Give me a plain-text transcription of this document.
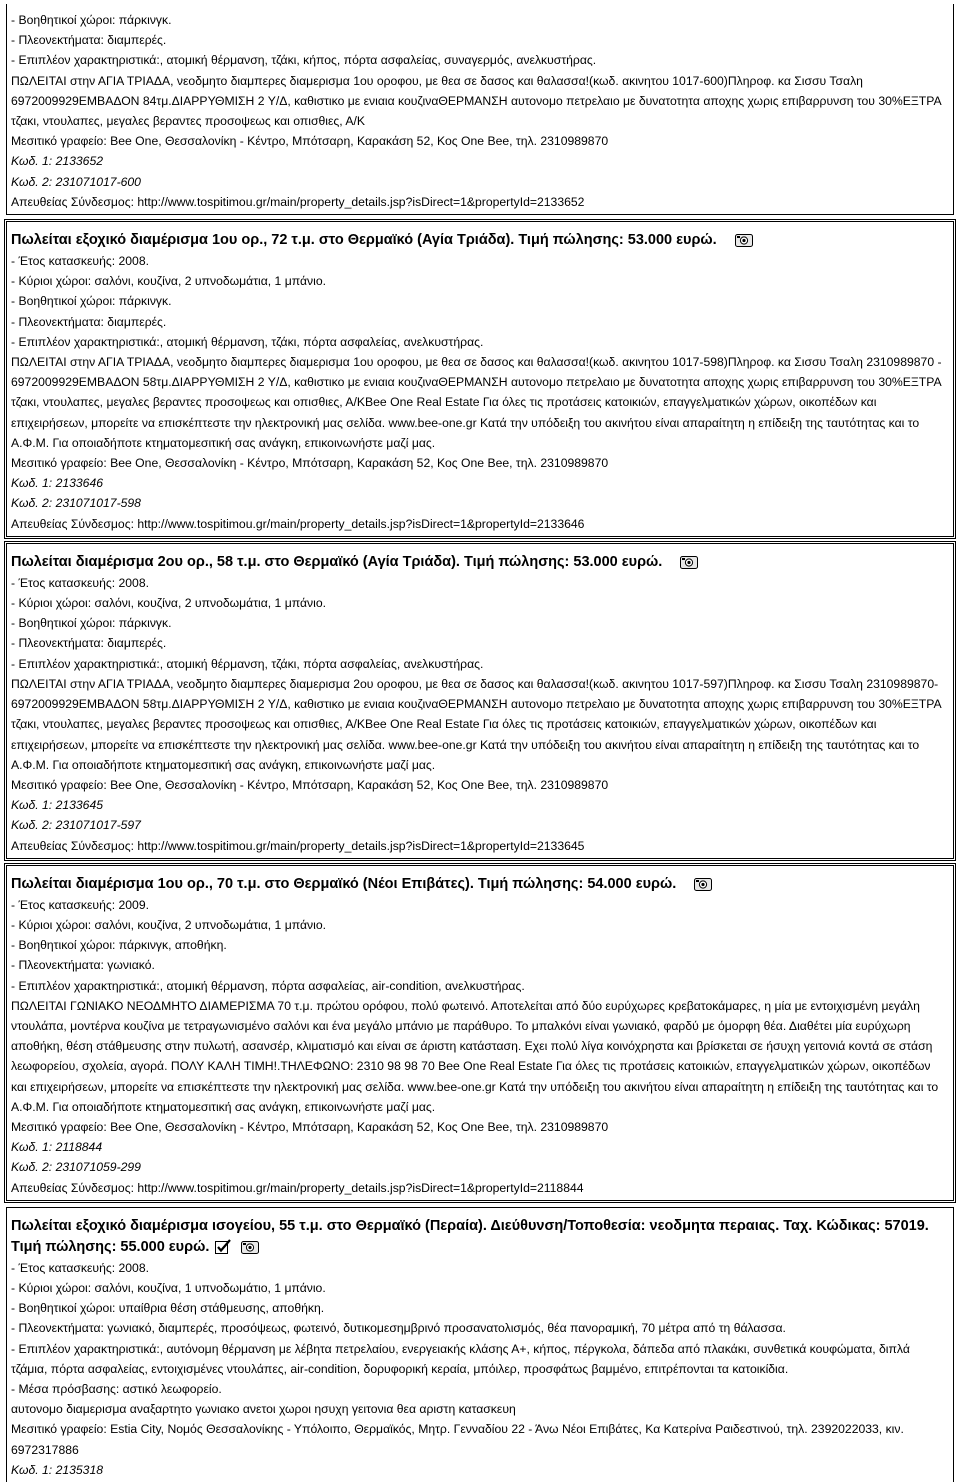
- Βοηθητικοί χώροι: πάρκινγκ.
- Πλεονεκτήματα: διαμπερές.
- Επιπλέον χαρακτηριστικά:, ατομική θέρμανση, τζάκι, κήπος, πόρτα ασφαλείας, συναγερμός, ανελκυστήρας.
ΠΩΛΕΙΤΑΙ στην ΑΓΙΑ ΤΡΙΑΔΑ, νεοδμητο διαμπερες διαμερισμα 1ου οροφου, με θεα σε δασος και θαλασσα!(κωδ. ακινητου 1017-600)Πληροφ. κα Σισσυ Τσαλη 6972009929ΕΜΒΑΔΟΝ 84τμ.ΔΙΑΡΡΥΘΜΙΣΗ 2 Υ/Δ, καθιστικο με ενιαια κουζιναΘΕΡΜΑΝΣΗ αυτονομο πετρελαιο με δυνατοτητα αποχης χωρις επιβαρρυνση του 30%ΕΞΤΡΑ τζακι, ντουλαπες, μεγαλες βεραντες προσοψεως και οπισθιες, Α/Κ
Μεσιτικό γραφείο: Bee One, Θεσσαλονίκη - Κέντρο, Μπότσαρη, Καρακάση 52, Κος One Bee, τηλ. 2310989870
Κωδ. 1: 2133652
Κωδ. 2: 231071017-600
Απευθείας Σύνδεσμος: http://www.tospitimou.gr/main/property_details.jsp?isDirect=1&propertyId=2133652
Πωλείται εξοχικό διαμέρισμα 1ου ορ., 72 τ.μ. στο Θερμαϊκό (Αγία Τριάδα). Τιμή πώλησης: 53.000 ευρώ.
- Έτος κατασκευής: 2008.
- Κύριοι χώροι: σαλόνι, κουζίνα, 2 υπνοδωμάτια, 1 μπάνιο.
- Βοηθητικοί χώροι: πάρκινγκ.
- Πλεονεκτήματα: διαμπερές.
- Επιπλέον χαρακτηριστικά:, ατομική θέρμανση, τζάκι, πόρτα ασφαλείας, ανελκυστήρας.
ΠΩΛΕΙΤΑΙ στην ΑΓΙΑ ΤΡΙΑΔΑ, νεοδμητο διαμπερες διαμερισμα 1ου οροφου, με θεα σε δασος και θαλασσα!(κωδ. ακινητου 1017-598)Πληροφ. κα Σισσυ Τσαλη 2310989870 - 6972009929ΕΜΒΑΔΟΝ 58τμ.ΔΙΑΡΡΥΘΜΙΣΗ 2 Υ/Δ, καθιστικο με ενιαια κουζιναΘΕΡΜΑΝΣΗ αυτονομο πετρελαιο με δυνατοτητα αποχης χωρις επιβαρρυνση του 30%ΕΞΤΡΑ τζακι, ντουλαπες, μεγαλες βεραντες προσοψεως και οπισθιες, Α/ΚBee One Real Estate Για όλες τις προτάσεις κατοικιών, επαγγελματικών χώρων, οικοπέδων και επιχειρήσεων, μπορείτε να επισκέπτεστε την ηλεκτρονική μας σελίδα. www.bee-one.gr Κατά την υπόδειξη του ακινήτου είναι απαραίτητη η επίδειξη της ταυτότητας και το Α.Φ.Μ. Για οποιαδήποτε κτηματομεσιτική σας ανάγκη, επικοινωνήστε μαζί μας.
Μεσιτικό γραφείο: Bee One, Θεσσαλονίκη - Κέντρο, Μπότσαρη, Καρακάση 52, Κος One Bee, τηλ. 2310989870
Κωδ. 1: 2133646
Κωδ. 2: 231071017-598
Απευθείας Σύνδεσμος: http://www.tospitimou.gr/main/property_details.jsp?isDirect=1&propertyId=2133646
Πωλείται διαμέρισμα 2ου ορ., 58 τ.μ. στο Θερμαϊκό (Αγία Τριάδα). Τιμή πώλησης: 53.000 ευρώ.
- Έτος κατασκευής: 2008.
- Κύριοι χώροι: σαλόνι, κουζίνα, 2 υπνοδωμάτια, 1 μπάνιο.
- Βοηθητικοί χώροι: πάρκινγκ.
- Πλεονεκτήματα: διαμπερές.
- Επιπλέον χαρακτηριστικά:, ατομική θέρμανση, τζάκι, πόρτα ασφαλείας, ανελκυστήρας.
ΠΩΛΕΙΤΑΙ στην ΑΓΙΑ ΤΡΙΑΔΑ, νεοδμητο διαμπερες διαμερισμα 2ου οροφου, με θεα σε δασος και θαλασσα!(κωδ. ακινητου 1017-597)Πληροφ. κα Σισσυ Τσαλη 2310989870-6972009929ΕΜΒΑΔΟΝ 58τμ.ΔΙΑΡΡΥΘΜΙΣΗ 2 Υ/Δ, καθιστικο με ενιαια κουζιναΘΕΡΜΑΝΣΗ αυτονομο πετρελαιο με δυνατοτητα αποχης χωρις επιβαρρυνση του 30%ΕΞΤΡΑ τζακι, ντουλαπες, μεγαλες βεραντες προσοψεως και οπισθιες, Α/ΚBee One Real Estate Για όλες τις προτάσεις κατοικιών, επαγγελματικών χώρων, οικοπέδων και επιχειρήσεων, μπορείτε να επισκέπτεστε την ηλεκτρονική μας σελίδα. www.bee-one.gr Κατά την υπόδειξη του ακινήτου είναι απαραίτητη η επίδειξη της ταυτότητας και το Α.Φ.Μ. Για οποιαδήποτε κτηματομεσιτική σας ανάγκη, επικοινωνήστε μαζί μας.
Μεσιτικό γραφείο: Bee One, Θεσσαλονίκη - Κέντρο, Μπότσαρη, Καρακάση 52, Κος One Bee, τηλ. 2310989870
Κωδ. 1: 2133645
Κωδ. 2: 231071017-597
Απευθείας Σύνδεσμος: http://www.tospitimou.gr/main/property_details.jsp?isDirect=1&propertyId=2133645
Πωλείται διαμέρισμα 1ου ορ., 70 τ.μ. στο Θερμαϊκό (Νέοι Επιβάτες). Τιμή πώλησης: 54.000 ευρώ.
- Έτος κατασκευής: 2009.
- Κύριοι χώροι: σαλόνι, κουζίνα, 2 υπνοδωμάτια, 1 μπάνιο.
- Βοηθητικοί χώροι: πάρκινγκ, αποθήκη.
- Πλεονεκτήματα: γωνιακό.
- Επιπλέον χαρακτηριστικά:, ατομική θέρμανση, πόρτα ασφαλείας, air-condition, ανελκυστήρας.
ΠΩΛΕΙΤΑΙ ΓΩΝΙΑΚΟ ΝΕΟΔΜΗΤΟ ΔΙΑΜΕΡΙΣΜΑ 70 τ.μ. πρώτου ορόφου, πολύ φωτεινό. Αποτελείται από δύο ευρύχωρες κρεβατοκάμαρες, η μία με εντοιχισμένη μεγάλη ντουλάπα, μοντέρνα κουζίνα με τετραγωνισμένο σαλόνι και ένα μεγάλο μπάνιο με παράθυρο. Το μπαλκόνι είναι γωνιακό, φαρδύ με όμορφη θέα. Διαθέτει μία ευρύχωρη αποθήκη, θέση στάθμευσης στην πυλωτή, ασανσέρ, κλιματισμό και είναι σε άριστη κατάσταση. Εχει πολύ λίγα κοινόχρηστα και βρίσκεται σε ήσυχη γειτονιά κοντά σε στάση λεωφορείου, σχολεία, αγορά. ΠΟΛΥ ΚΑΛΗ ΤΙΜΗ!.ΤΗΛΕΦΩΝΟ: 2310 98 98 70 Bee One Real Estate Για όλες τις προτάσεις κατοικιών, επαγγελματικών χώρων, οικοπέδων και επιχειρήσεων, μπορείτε να επισκέπτεστε την ηλεκτρονική μας σελίδα. www.bee-one.gr Κατά την υπόδειξη του ακινήτου είναι απαραίτητη η επίδειξη της ταυτότητας και το Α.Φ.Μ. Για οποιαδήποτε κτηματομεσιτική σας ανάγκη, επικοινωνήστε μαζί μας.
Μεσιτικό γραφείο: Bee One, Θεσσαλονίκη - Κέντρο, Μπότσαρη, Καρακάση 52, Κος One Bee, τηλ. 2310989870
Κωδ. 1: 2118844
Κωδ. 2: 231071059-299
Απευθείας Σύνδεσμος: http://www.tospitimou.gr/main/property_details.jsp?isDirect=1&propertyId=2118844
Πωλείται εξοχικό διαμέρισμα ισογείου, 55 τ.μ. στο Θερμαϊκό (Περαία). Διεύθυνση/Τοποθεσία: νεοδμητα περαιας. Ταχ. Κώδικας: 57019. Τιμή πώλησης: 55.000 ευρώ.
- Έτος κατασκευής: 2008.
- Κύριοι χώροι: σαλόνι, κουζίνα, 1 υπνοδωμάτιο, 1 μπάνιο.
- Βοηθητικοί χώροι: υπαίθρια θέση στάθμευσης, αποθήκη.
- Πλεονεκτήματα: γωνιακό, διαμπερές, προσόψεως, φωτεινό, δυτικομεσημβρινό προσανατολισμός, θέα πανοραμική, 70 μέτρα από τη θάλασσα.
- Επιπλέον χαρακτηριστικά:, αυτόνομη θέρμανση με λέβητα πετρελαίου, ενεργειακής κλάσης Α+, κήπος, πέργκολα, δάπεδα από πλακάκι, συνθετικά κουφώματα, διπλά τζάμια, πόρτα ασφαλείας, εντοιχισμένες ντουλάπες, air-condition, δορυφορική κεραία, μπόιλερ, προσφάτως βαμμένο, επιτρέπονται τα κατοικίδια.
- Μέσα πρόσβασης: αστικό λεωφορείο.
αυτονομο διαμερισμα αναξαρτητο γωνιακο ανετοι χωροι ησυχη γειτονια θεα αριστη κατασκευη
Μεσιτικό γραφείο: Estia City, Νομός Θεσσαλονίκης - Υπόλοιπο, Θερμαϊκός, Μητρ. Γενναδίου 22 - Άνω Νέοι Επιβάτες, Κα Κατερίνα Ραιδεστινού, τηλ. 2392022033, κιν. 6972317886
Κωδ. 1: 2135318
